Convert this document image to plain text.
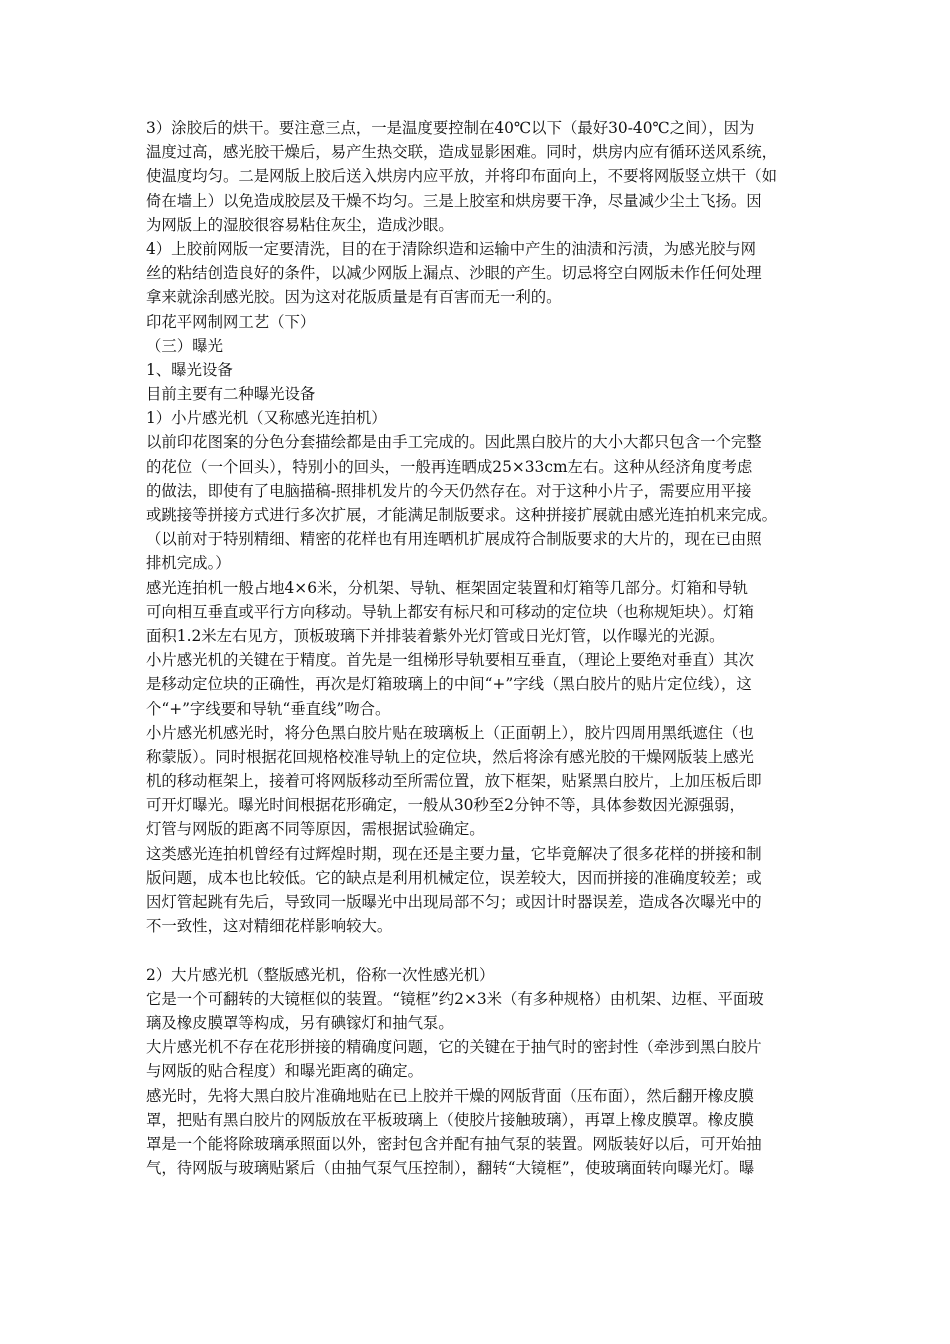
3）涂胶后的烘干。要注意三点，一是温度要控制在40℃以下（最好30-40℃之间），因为
温度过高，感光胶干燥后，易产生热交联，造成显影困难。同时，烘房内应有循环送风系统，
使温度均匀。二是网版上胶后送入烘房内应平放，并将印布面向上，不要将网版竖立烘干（如
倚在墙上）以免造成胶层及干燥不均匀。三是上胶室和烘房要干净，尽量减少尘土飞扬。因
为网版上的湿胶很容易粘住灰尘，造成沙眼。
4）上胶前网版一定要清洗，目的在于清除织造和运输中产生的油渍和污渍，为感光胶与网
丝的粘结创造良好的条件，以减少网版上漏点、沙眼的产生。切忌将空白网版未作任何处理
拿来就涂刮感光胶。因为这对花版质量是有百害而无一利的。
印花平网制网工艺（下）
（三）曝光
1、曝光设备
目前主要有二种曝光设备
1）小片感光机（又称感光连拍机）
以前印花图案的分色分套描绘都是由手工完成的。因此黑白胶片的大小大都只包含一个完整
的花位（一个回头），特别小的回头，一般再连晒成25×33cm左右。这种从经济角度考虑
的做法，即使有了电脑描稿-照排机发片的今天仍然存在。对于这种小片子，需要应用平接
或跳接等拼接方式进行多次扩展，才能满足制版要求。这种拼接扩展就由感光连拍机来完成。
（以前对于特别精细、精密的花样也有用连晒机扩展成符合制版要求的大片的，现在已由照
排机完成。）
感光连拍机一般占地4×6米，分机架、导轨、框架固定装置和灯箱等几部分。灯箱和导轨
可向相互垂直或平行方向移动。导轨上都安有标尺和可移动的定位块（也称规矩块）。灯箱
面积1.2米左右见方，顶板玻璃下并排装着紫外光灯管或日光灯管，以作曝光的光源。
小片感光机的关键在于精度。首先是一组梯形导轨要相互垂直，（理论上要绝对垂直）其次
是移动定位块的正确性，再次是灯箱玻璃上的中间“+”字线（黑白胶片的贴片定位线），这
个“+”字线要和导轨“垂直线”吻合。
小片感光机感光时，将分色黑白胶片贴在玻璃板上（正面朝上），胶片四周用黑纸遮住（也
称蒙版）。同时根据花回规格校准导轨上的定位块，然后将涂有感光胶的干燥网版装上感光
机的移动框架上，接着可将网版移动至所需位置，放下框架，贴紧黑白胶片，上加压板后即
可开灯曝光。曝光时间根据花形确定，一般从30秒至2分钟不等，具体参数因光源强弱，
灯管与网版的距离不同等原因，需根据试验确定。
这类感光连拍机曾经有过辉煌时期，现在还是主要力量，它毕竟解决了很多花样的拼接和制
版问题，成本也比较低。它的缺点是利用机械定位，误差较大，因而拼接的准确度较差；或
因灯管起跳有先后，导致同一版曝光中出现局部不匀；或因计时器误差，造成各次曝光中的
不一致性，这对精细花样影响较大。
2）大片感光机（整版感光机，俗称一次性感光机）
它是一个可翻转的大镜框似的装置。“镜框”约2×3米（有多种规格）由机架、边框、平面玻
璃及橡皮膜罩等构成，另有碘镓灯和抽气泵。
大片感光机不存在花形拼接的精确度问题，它的关键在于抽气时的密封性（牵涉到黑白胶片
与网版的贴合程度）和曝光距离的确定。
感光时，先将大黑白胶片准确地贴在已上胶并干燥的网版背面（压布面），然后翻开橡皮膜
罩，把贴有黑白胶片的网版放在平板玻璃上（使胶片接触玻璃），再罩上橡皮膜罩。橡皮膜
罩是一个能将除玻璃承照面以外，密封包含并配有抽气泵的装置。网版装好以后，可开始抽
气，待网版与玻璃贴紧后（由抽气泵气压控制），翻转“大镜框”，使玻璃面转向曝光灯。曝
